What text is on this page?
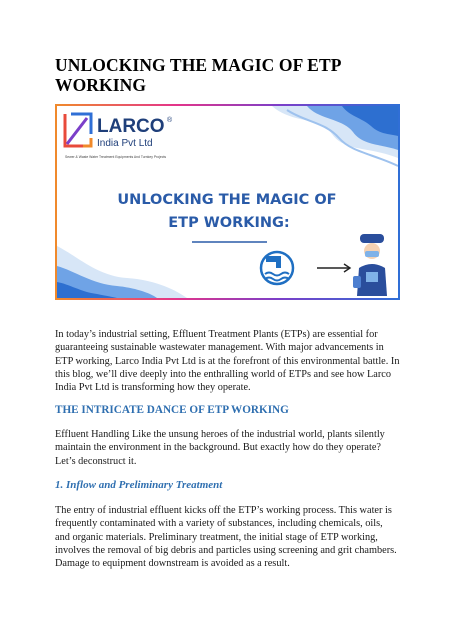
UNLOCKING THE MAGIC OF ETP WORKING
LARCO ®
India Pvt Ltd
Sewer & Waste Water Treatment Equipments And Turnkey Projects
UNLOCKING THE MAGIC OF
ETP WORKING:

In today’s industrial setting, Effluent Treatment Plants (ETPs) are essential for guaranteeing sustainable wastewater management. With major advancements in ETP working, Larco India Pvt Ltd is at the forefront of this environmental battle. In this blog, we’ll dive deeply into the enthralling world of ETPs and see how Larco India Pvt Ltd is transforming how they operate.

THE INTRICATE DANCE OF ETP WORKING

Effluent Handling Like the unsung heroes of the industrial world, plants silently maintain the environment in the background. But exactly how do they operate? Let’s deconstruct it.

1. Inflow and Preliminary Treatment

The entry of industrial effluent kicks off the ETP’s working process. This water is frequently contaminated with a variety of substances, including chemicals, oils, and organic materials. Preliminary treatment, the initial stage of ETP working, involves the removal of big debris and particles using screening and grit chambers. Damage to equipment downstream is avoided as a result.
